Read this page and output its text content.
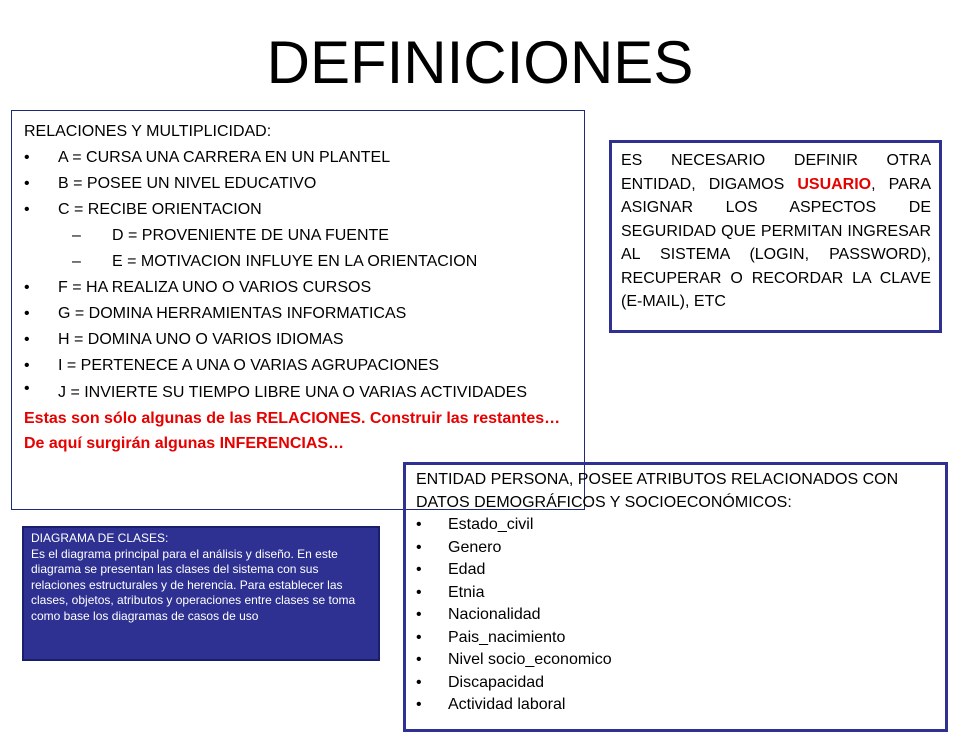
DEFINICIONES

RELACIONES Y MULTIPLICIDAD:

• A = CURSA UNA CARRERA EN UN PLANTEL
• B = POSEE UN NIVEL EDUCATIVO
• C = RECIBE ORIENTACION
– D = PROVENIENTE DE UNA FUENTE
– E = MOTIVACION INFLUYE EN LA ORIENTACION
• F = HA REALIZA UNO O VARIOS CURSOS
• G = DOMINA HERRAMIENTAS INFORMATICAS
• H = DOMINA UNO O VARIOS IDIOMAS
• I = PERTENECE A UNA O VARIAS AGRUPACIONES
• J = INVIERTE SU TIEMPO LIBRE UNA O VARIAS ACTIVIDADES

Estas son sólo algunas de las RELACIONES. Construir las restantes…

De aquí surgirán algunas INFERENCIAS…

ES NECESARIO DEFINIR OTRA ENTIDAD, DIGAMOS USUARIO, PARA ASIGNAR LOS ASPECTOS DE SEGURIDAD QUE PERMITAN INGRESAR AL SISTEMA (LOGIN, PASSWORD), RECUPERAR O RECORDAR LA CLAVE (E-MAIL), ETC

ENTIDAD PERSONA, POSEE ATRIBUTOS RELACIONADOS CON DATOS DEMOGRÁFICOS Y SOCIOECONÓMICOS:

• Estado_civil
• Genero
• Edad
• Etnia
• Nacionalidad
• Pais_nacimiento
• Nivel socio_economico
• Discapacidad
• Actividad laboral

DIAGRAMA DE CLASES:

Es el diagrama principal para el análisis y diseño. En este diagrama se presentan las clases del sistema con sus relaciones estructurales y de herencia. Para establecer las clases, objetos, atributos y operaciones entre clases se toma como base los diagramas de casos de uso
